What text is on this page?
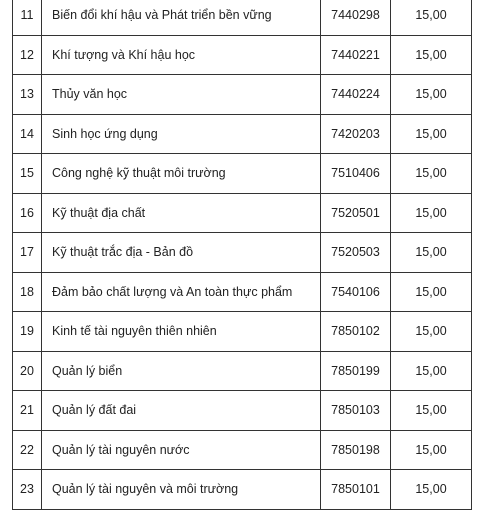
11	Biến đổi khí hậu và Phát triển bền vững	7440298	15,00
12	Khí tượng và Khí hậu học	7440221	15,00
13	Thủy văn học	7440224	15,00
14	Sinh học ứng dụng	7420203	15,00
15	Công nghệ kỹ thuật môi trường	7510406	15,00
16	Kỹ thuật địa chất	7520501	15,00
17	Kỹ thuật trắc địa - Bản đồ	7520503	15,00
18	Đảm bảo chất lượng và An toàn thực phẩm	7540106	15,00
19	Kinh tế tài nguyên thiên nhiên	7850102	15,00
20	Quản lý biển	7850199	15,00
21	Quản lý đất đai	7850103	15,00
22	Quản lý tài nguyên nước	7850198	15,00
23	Quản lý tài nguyên và môi trường	7850101	15,00
